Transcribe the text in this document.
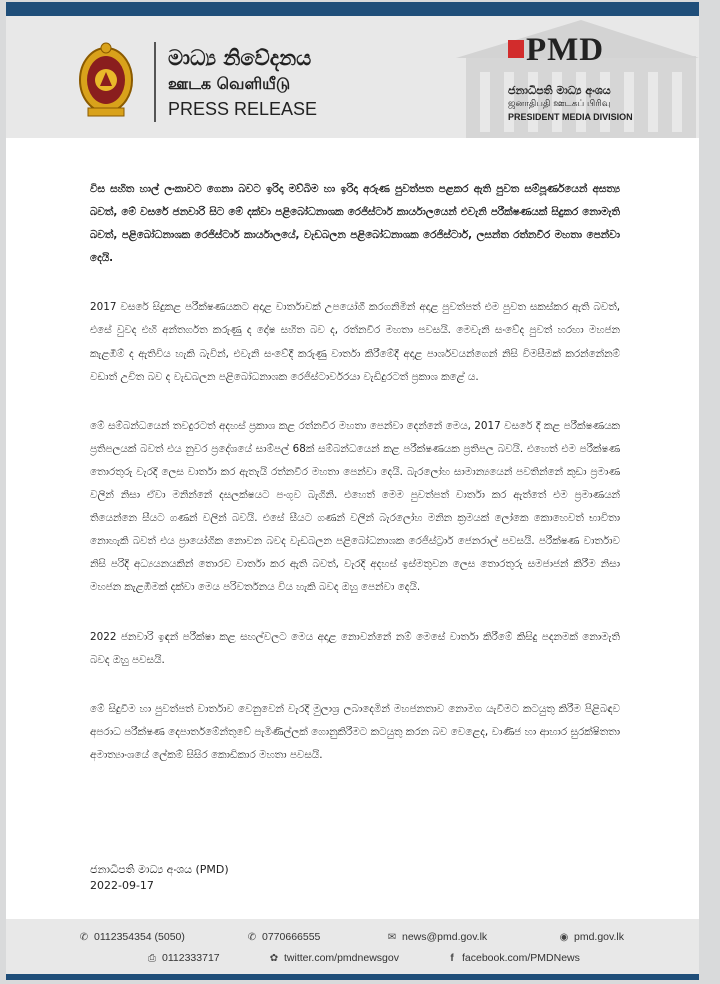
මාධ්‍ය නිවේදනය
ஊடக வெளியீடு
PRESS RELEASE
PMD
ජනාධිපති මාධ්‍ය අංශය
ஜனாதிபதி ஊடகப் பிரிவு
PRESIDENT MEDIA DIVISION

විස සහිත හාල් ලංකාවට ගෙනා බවට ඉරිදා මව්බිම හා ඉරිදා අරුණ පුවත්පත පළකර ඇති පුවත සම්පූර්ණයෙන් අසත්‍ය බවත්, මේ වසරේ ජනවාරි සිට මේ දක්වා පළිබෝධනාශක රෙජිස්ටාර් කාර්යාලයෙන් එවැනි පරීක්ෂණයක් සිදුකර නොමැති බවත්, පළිබෝධනාශක රෙජිස්ටාර් කාර්යාලයේ, වැඩබලන පළිබෝධනාශක රෙජිස්ටාර්, ලසන්ත රත්නවීර මහතා පෙන්වා දෙයි.

2017 වසරේ සිදුකළ පරීක්ෂණයකට අදාළ වාර්තාවක් උපයෝගී කරගනිමින් අදාළ පුවත්පත් එම පුවත සකස්කර ඇති බවත්, එසේ වුවද එහි අන්තර්ගත කරුණු ද දෝෂ සහිත බව ද, රත්නවීර මහතා පවසයි. මෙවැනි සංවේද පුවත් හරහා මහජන කැළඹීම් ද ඇතිවිය හැකි බැවින්, එවැනි සංවේදී කරුණු වාර්තා කිරීමේදී අදාළ පාර්ශවයන්ගෙන් නිසි විමසීමක් කරන්නේනම් වඩාත් උචිත බව ද වැඩබලන පළිබෝධනාශක රෙජිස්ටාර්වරයා වැඩිදුරටත් ප්‍රකාශ කළේ ය.

මේ සම්බන්ධයෙන් තවදුරටත් අදහස් ප්‍රකාශ කළ රත්නවීර මහතා පෙන්වා දෙන්නේ මෙය, 2017 වසරේ දී කළ පරීක්ෂණයක ප්‍රතිපලයක් බවත් එය නුවර ප්‍රදේශයේ සාම්පල් 68ක් සම්බන්ධයෙන් කළ පරීක්ෂණයක ප්‍රතිපල බවයි. එහෙත් එම පරීක්ෂණ තොරතුරු වැරදි ලෙස වාර්තා කර ඇතැයි රත්නවීර මහතා පෙන්වා දෙයි. බැරලෝහ සාමාන්‍යයෙන් පවතින්නේ කුඩා ප්‍රමාණ වලින් නිසා ඒවා මනින්නේ දසලක්ෂයට පංගුව බැගිනි. එහෙත් මෙම පුවත්පත් වාර්තා කර ඇත්තේ එම ප්‍රමාණයන් තියෙන්නෙ සීයට ගණන් වලින් බවයි. එසේ සීයට ගණන් වලින් බැරලෝහ මනින ක්‍රමයක් ලෝකෙ කොහෙවත් භාවිතා නොහැකි බවත් එය ප්‍රායෝගික නොවන බවද වැඩබලන පළිබෝධනාශක රෙජිස්ට්‍රාර් ජෙනරාල් පවසයි. පරීක්ෂණ වාර්තාව නිසි පරිදි අධ්‍යයනයකින් තොරව වාර්තා කර ඇති බවත්, වැරදි අදහස් ඉස්මතුවන ලෙස තොරතුරු සමජාජන් කිරීම නිසා මහජන කැළඹීමක් දක්වා මෙය පරිවර්තනය විය හැකි බවද ඔහු පෙන්වා දෙයි.

2022 ජනවාරි ඉඳන් පරීක්ෂා කළ සහල්වලට මෙය අදාළ නොවන්නේ නම් මෙසේ වාර්තා කිරීමේ කිසිදු පදනමක් නොමැති බවද ඔහු පවසයි.

මේ සිදුවීම හා පුවත්පත් වාර්තාව වෙනුවෙන් වැරදි මුලාශ්‍ර ලබාදෙමින් මහජනතාව නොමග යැවීමට කටයුතු කිරීම පිළිබඳව අපරාධ පරීක්ෂණ දෙපාර්තමේන්තුවේ පැමිණිල්ලක් ගොනුකිරීමට කටයුතු කරන බව වෙළෙද, වාණිජ හා ආහාර සුරක්ෂිතතා අමාත්‍යාංශයේ ලේකම් සිසිර කොඩිකාර මහතා පවසයි.

ජනාධිපති මාධ්‍ය අංශය (PMD)
2022-09-17
✆ 0112354354 (5050)	✆ 0770666555	✉ news@pmd.gov.lk	◉ pmd.gov.lk
⎙ 0112333717	✿ twitter.com/pmdnewsgov	f facebook.com/PMDNews
